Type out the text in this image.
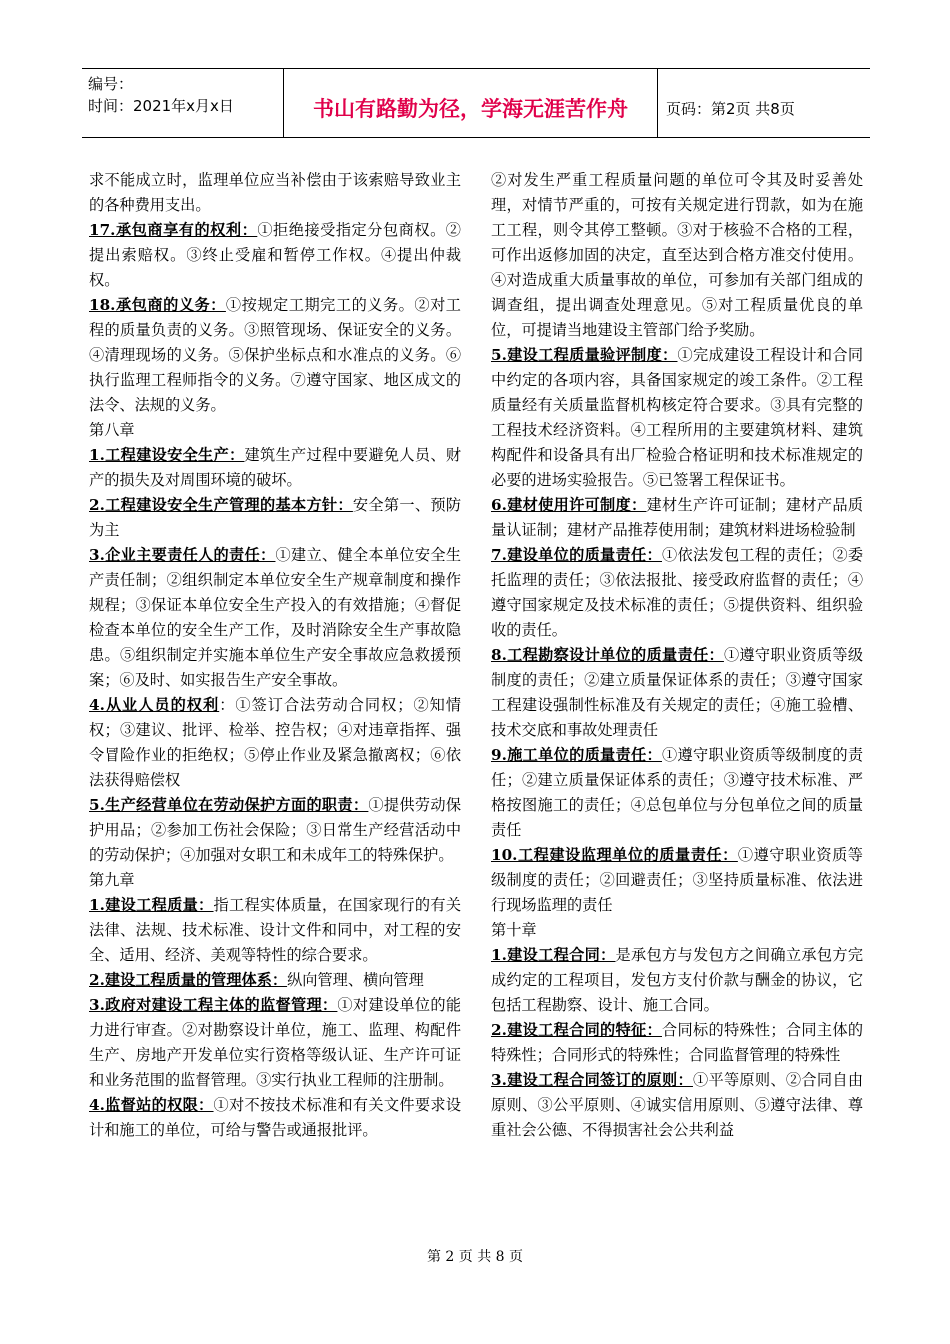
编号：
时间：2021年x月x日	书山有路勤为径，学海无涯苦作舟	页码：第2页 共8页

求不能成立时，监理单位应当补偿由于该索赔导致业主的各种费用支出。

17.承包商享有的权利：①拒绝接受指定分包商权。②提出索赔权。③终止受雇和暂停工作权。④提出仲裁权。

18.承包商的义务：①按规定工期完工的义务。②对工程的质量负责的义务。③照管现场、保证安全的义务。④清理现场的义务。⑤保护坐标点和水准点的义务。⑥执行监理工程师指令的义务。⑦遵守国家、地区成文的法令、法规的义务。

第八章

1.工程建设安全生产：建筑生产过程中要避免人员、财产的损失及对周围环境的破坏。

2.工程建设安全生产管理的基本方针：安全第一、预防为主

3.企业主要责任人的责任：①建立、健全本单位安全生产责任制；②组织制定本单位安全生产规章制度和操作规程；③保证本单位安全生产投入的有效措施；④督促检查本单位的安全生产工作，及时消除安全生产事故隐患。⑤组织制定并实施本单位生产安全事故应急救援预案；⑥及时、如实报告生产安全事故。

4.从业人员的权利：①签订合法劳动合同权；②知情权；③建议、批评、检举、控告权；④对违章指挥、强令冒险作业的拒绝权；⑤停止作业及紧急撤离权；⑥依法获得赔偿权

5.生产经营单位在劳动保护方面的职责：①提供劳动保护用品；②参加工伤社会保险；③日常生产经营活动中的劳动保护；④加强对女职工和未成年工的特殊保护。

第九章

1.建设工程质量：指工程实体质量，在国家现行的有关法律、法规、技术标准、设计文件和同中，对工程的安全、适用、经济、美观等特性的综合要求。

2.建设工程质量的管理体系：纵向管理、横向管理

3.政府对建设工程主体的监督管理：①对建设单位的能力进行审查。②对勘察设计单位，施工、监理、构配件生产、房地产开发单位实行资格等级认证、生产许可证和业务范围的监督管理。③实行执业工程师的注册制。

4.监督站的权限：①对不按技术标准和有关文件要求设计和施工的单位，可给与警告或通报批评。

②对发生严重工程质量问题的单位可令其及时妥善处理，对情节严重的，可按有关规定进行罚款，如为在施工工程，则令其停工整顿。③对于核验不合格的工程，可作出返修加固的决定，直至达到合格方准交付使用。④对造成重大质量事故的单位，可参加有关部门组成的调查组，提出调查处理意见。⑤对工程质量优良的单位，可提请当地建设主管部门给予奖励。

5.建设工程质量验评制度：①完成建设工程设计和合同中约定的各项内容，具备国家规定的竣工条件。②工程质量经有关质量监督机构核定符合要求。③具有完整的工程技术经济资料。④工程所用的主要建筑材料、建筑构配件和设备具有出厂检验合格证明和技术标准规定的必要的进场实验报告。⑤已签署工程保证书。

6.建材使用许可制度：建材生产许可证制；建材产品质量认证制；建材产品推荐使用制；建筑材料进场检验制

7.建设单位的质量责任：①依法发包工程的责任；②委托监理的责任；③依法报批、接受政府监督的责任；④遵守国家规定及技术标准的责任；⑤提供资料、组织验收的责任。

8.工程勘察设计单位的质量责任：①遵守职业资质等级制度的责任；②建立质量保证体系的责任；③遵守国家工程建设强制性标准及有关规定的责任；④施工验槽、技术交底和事故处理责任

9.施工单位的质量责任：①遵守职业资质等级制度的责任；②建立质量保证体系的责任；③遵守技术标准、严格按图施工的责任；④总包单位与分包单位之间的质量责任

10.工程建设监理单位的质量责任：①遵守职业资质等级制度的责任；②回避责任；③坚持质量标准、依法进行现场监理的责任

第十章

1.建设工程合同：是承包方与发包方之间确立承包方完成约定的工程项目，发包方支付价款与酬金的协议，它包括工程勘察、设计、施工合同。

2.建设工程合同的特征：合同标的特殊性；合同主体的特殊性；合同形式的特殊性；合同监督管理的特殊性

3.建设工程合同签订的原则：①平等原则、②合同自由原则、③公平原则、④诚实信用原则、⑤遵守法律、尊重社会公德、不得损害社会公共利益

第 2 页 共 8 页
